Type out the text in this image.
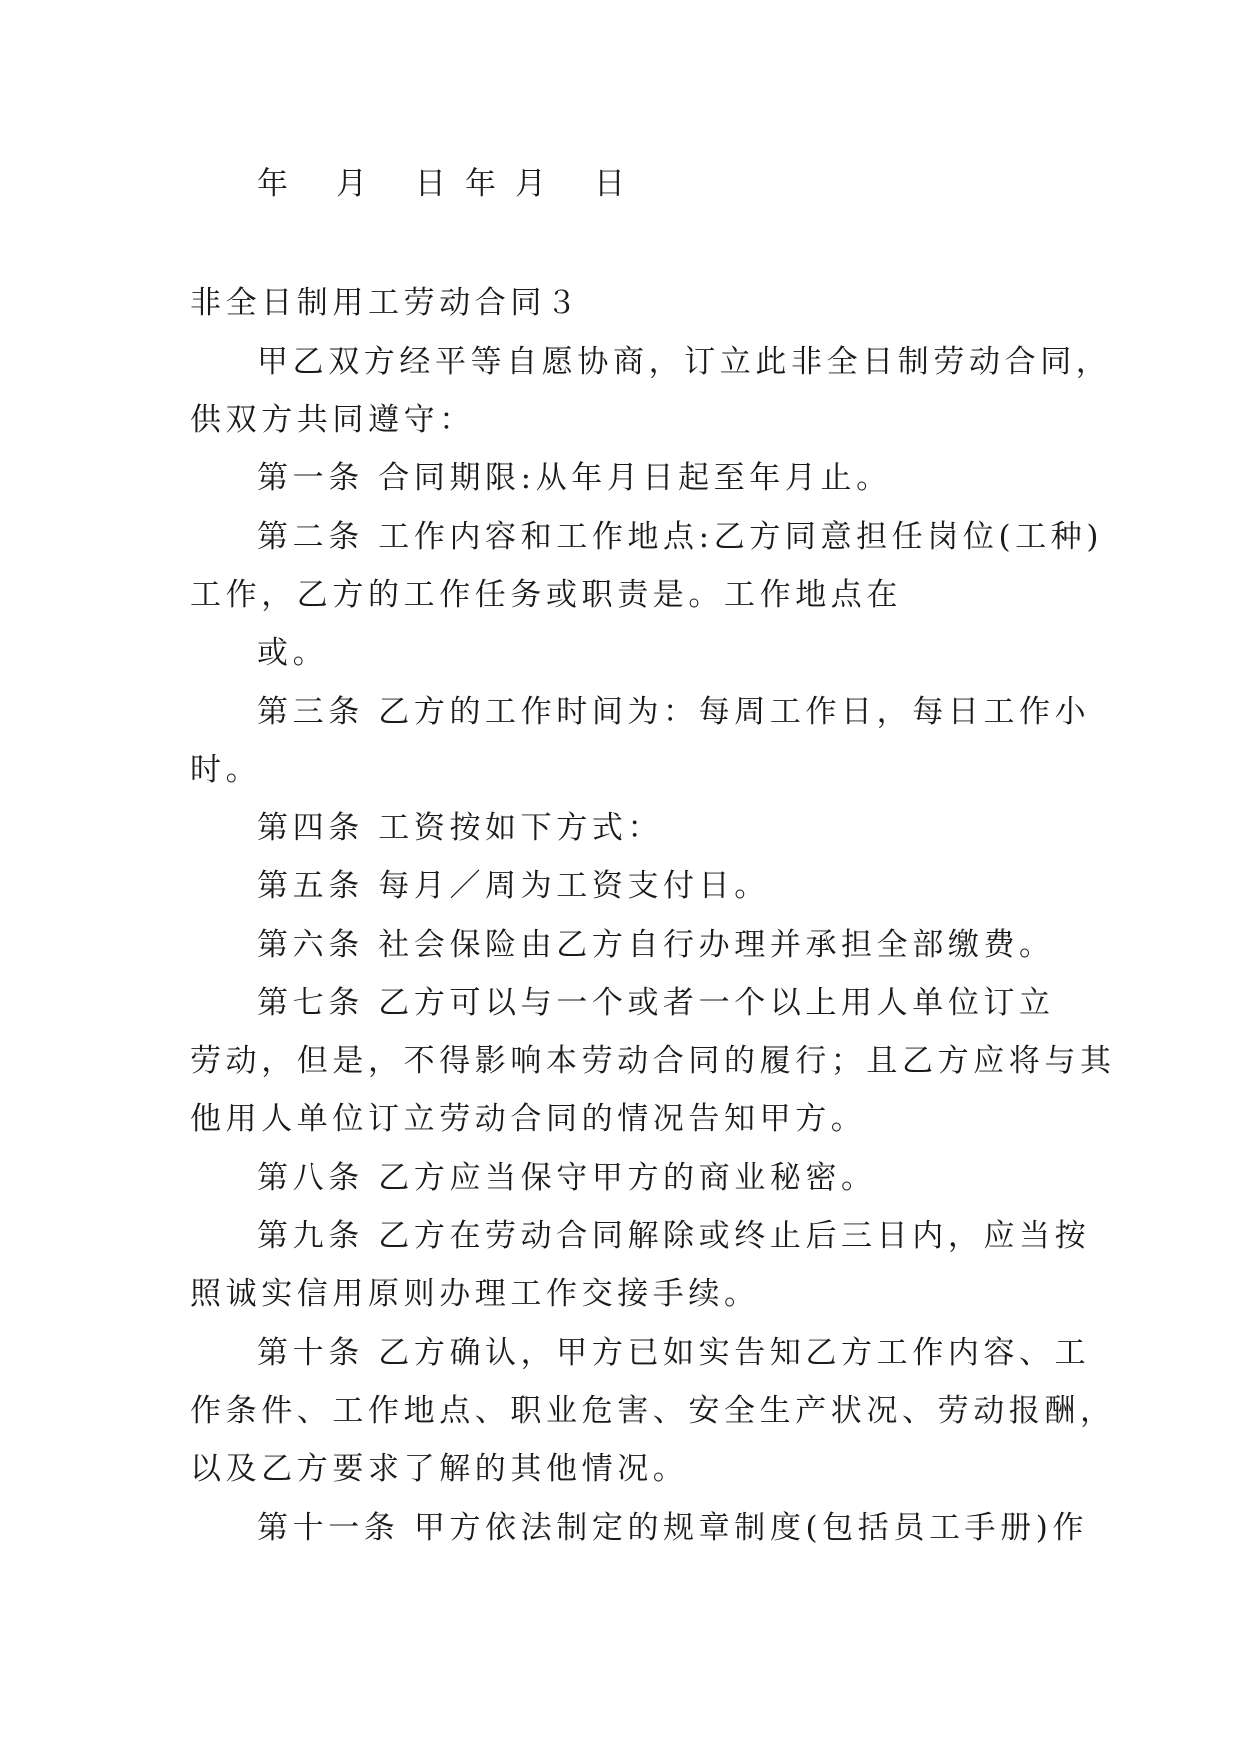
年   月   日 年 月   日
非全日制用工劳动合同３
甲乙双方经平等自愿协商，订立此非全日制劳动合同，
供双方共同遵守：
第一条 合同期限:从年月日起至年月止。
第二条 工作内容和工作地点:乙方同意担任岗位(工种)
工作，乙方的工作任务或职责是。工作地点在
或。
第三条 乙方的工作时间为：每周工作日，每日工作小
时。
第四条 工资按如下方式：
第五条 每月／周为工资支付日。
第六条 社会保险由乙方自行办理并承担全部缴费。
第七条 乙方可以与一个或者一个以上用人单位订立
劳动，但是，不得影响本劳动合同的履行；且乙方应将与其
他用人单位订立劳动合同的情况告知甲方。
第八条 乙方应当保守甲方的商业秘密。
第九条 乙方在劳动合同解除或终止后三日内，应当按
照诚实信用原则办理工作交接手续。
第十条 乙方确认，甲方已如实告知乙方工作内容、工
作条件、工作地点、职业危害、安全生产状况、劳动报酬，
以及乙方要求了解的其他情况。
第十一条 甲方依法制定的规章制度(包括员工手册)作
